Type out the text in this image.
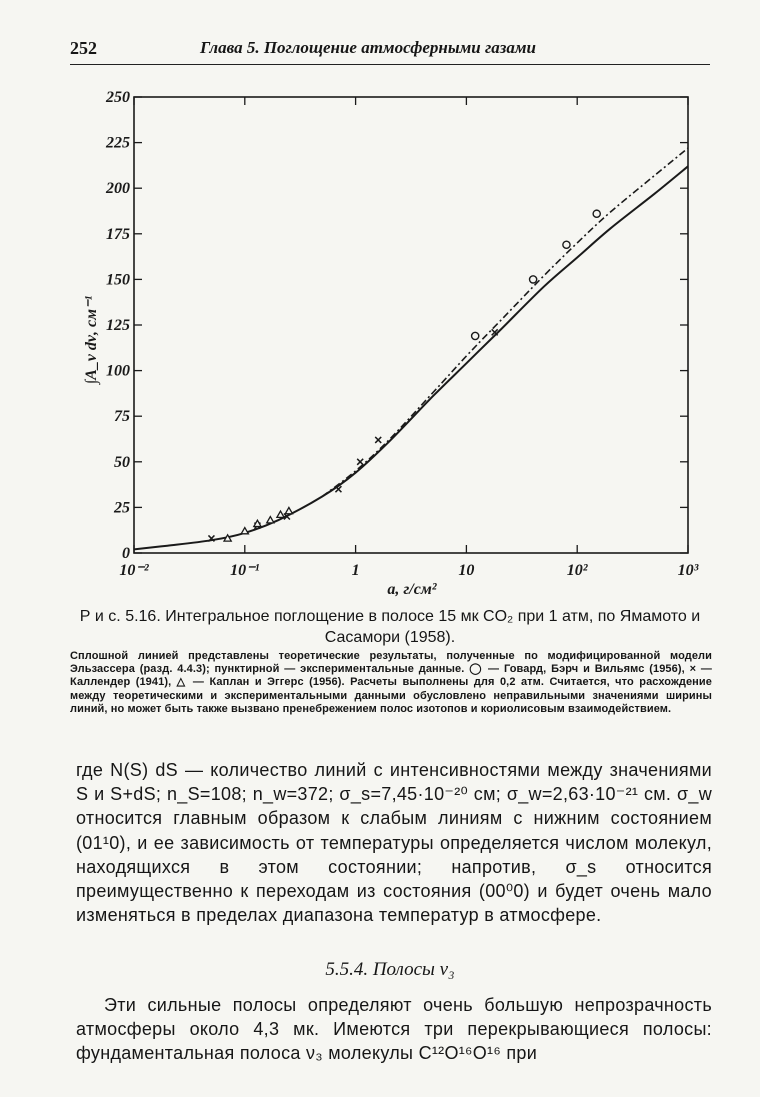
252	Глава 5. Поглощение атмосферными газами
0
25
50
75
100
125
150
175
200
225
250
10⁻²	10⁻¹	1	10	10²	10³
a, г/см²
∫A_ν dν, см⁻¹
Р и с. 5.16. Интегральное поглощение в полосе 15 мк CO₂ при 1 атм, по Ямамото и Сасамори (1958).
Сплошной линией представлены теоретические результаты, полученные по модифицированной модели Эльзассера (разд. 4.4.3); пунктирной — экспериментальные данные. ◯ — Говард, Бэрч и Вильямс (1956), × — Каллендер (1941), △ — Каплан и Эггерс (1956). Расчеты выполнены для 0,2 атм. Считается, что расхождение между теоретическими и экспериментальными данными обусловлено неправильными значениями ширины линий, но может быть также вызвано пренебрежением полос изотопов и кориолисовым взаимодействием.
где N(S) dS — количество линий с интенсивностями между значениями S и S+dS; n_S=108; n_w=372; σ_s=7,45·10⁻²⁰ см; σ_w=2,63·10⁻²¹ см. σ_w относится главным образом к слабым линиям с нижним состоянием (01¹0), и ее зависимость от температуры определяется числом молекул, находящихся в этом состоянии; напротив, σ_s относится преимущественно к переходам из состояния (00⁰0) и будет очень мало изменяться в пределах диапазона температур в атмосфере.
5.5.4. Полосы ν₃
Эти сильные полосы определяют очень большую непрозрачность атмосферы около 4,3 мк. Имеются три перекрывающиеся полосы: фундаментальная полоса ν₃ молекулы C¹²O¹⁶O¹⁶ при
